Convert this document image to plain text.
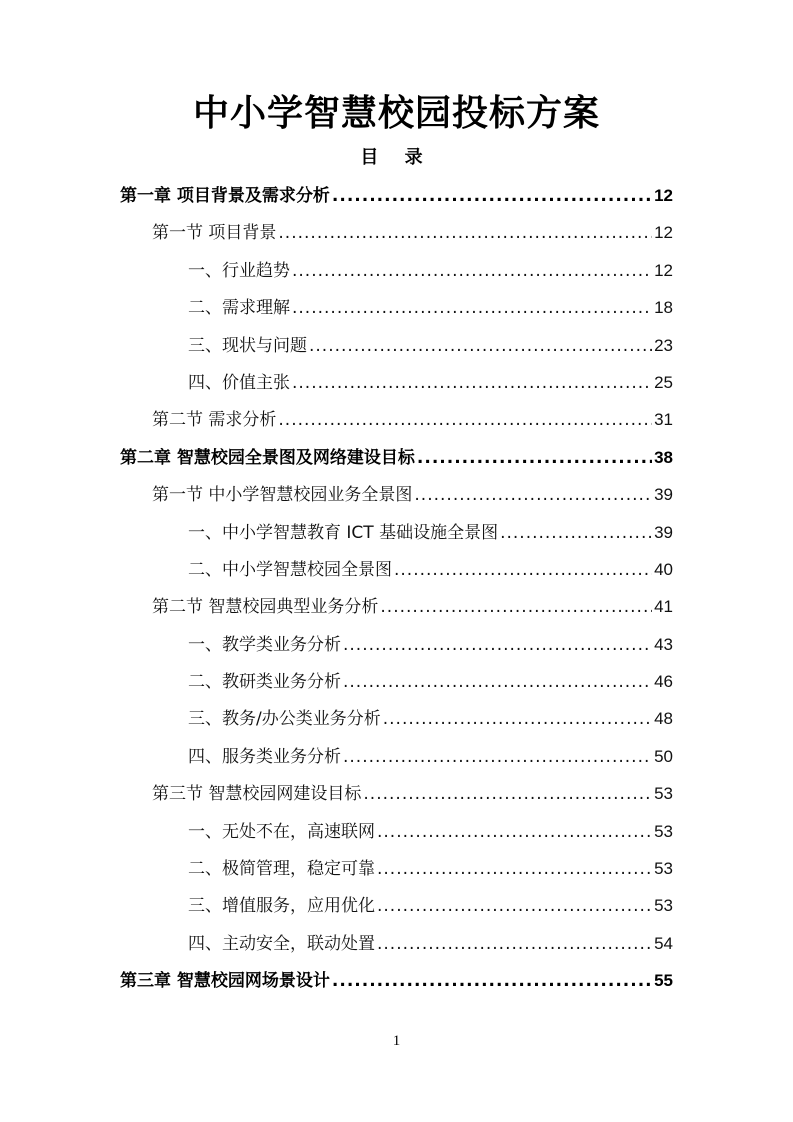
中小学智慧校园投标方案
目 录
第一章 项目背景及需求分析 .....	12
第一节 项目背景 .....	12
一、行业趋势 .....	12
二、需求理解 .....	18
三、现状与问题 .....	23
四、价值主张 .....	25
第二节 需求分析 .....	31
第二章 智慧校园全景图及网络建设目标 .....	38
第一节 中小学智慧校园业务全景图 .....	39
一、中小学智慧教育 ICT 基础设施全景图 .....	39
二、中小学智慧校园全景图 .....	40
第二节 智慧校园典型业务分析 .....	41
一、教学类业务分析 .....	43
二、教研类业务分析 .....	46
三、教务/办公类业务分析 .....	48
四、服务类业务分析 .....	50
第三节 智慧校园网建设目标 .....	53
一、无处不在，高速联网 .....	53
二、极简管理，稳定可靠 .....	53
三、增值服务，应用优化 .....	53
四、主动安全，联动处置 .....	54
第三章 智慧校园网场景设计 .....	55
1
